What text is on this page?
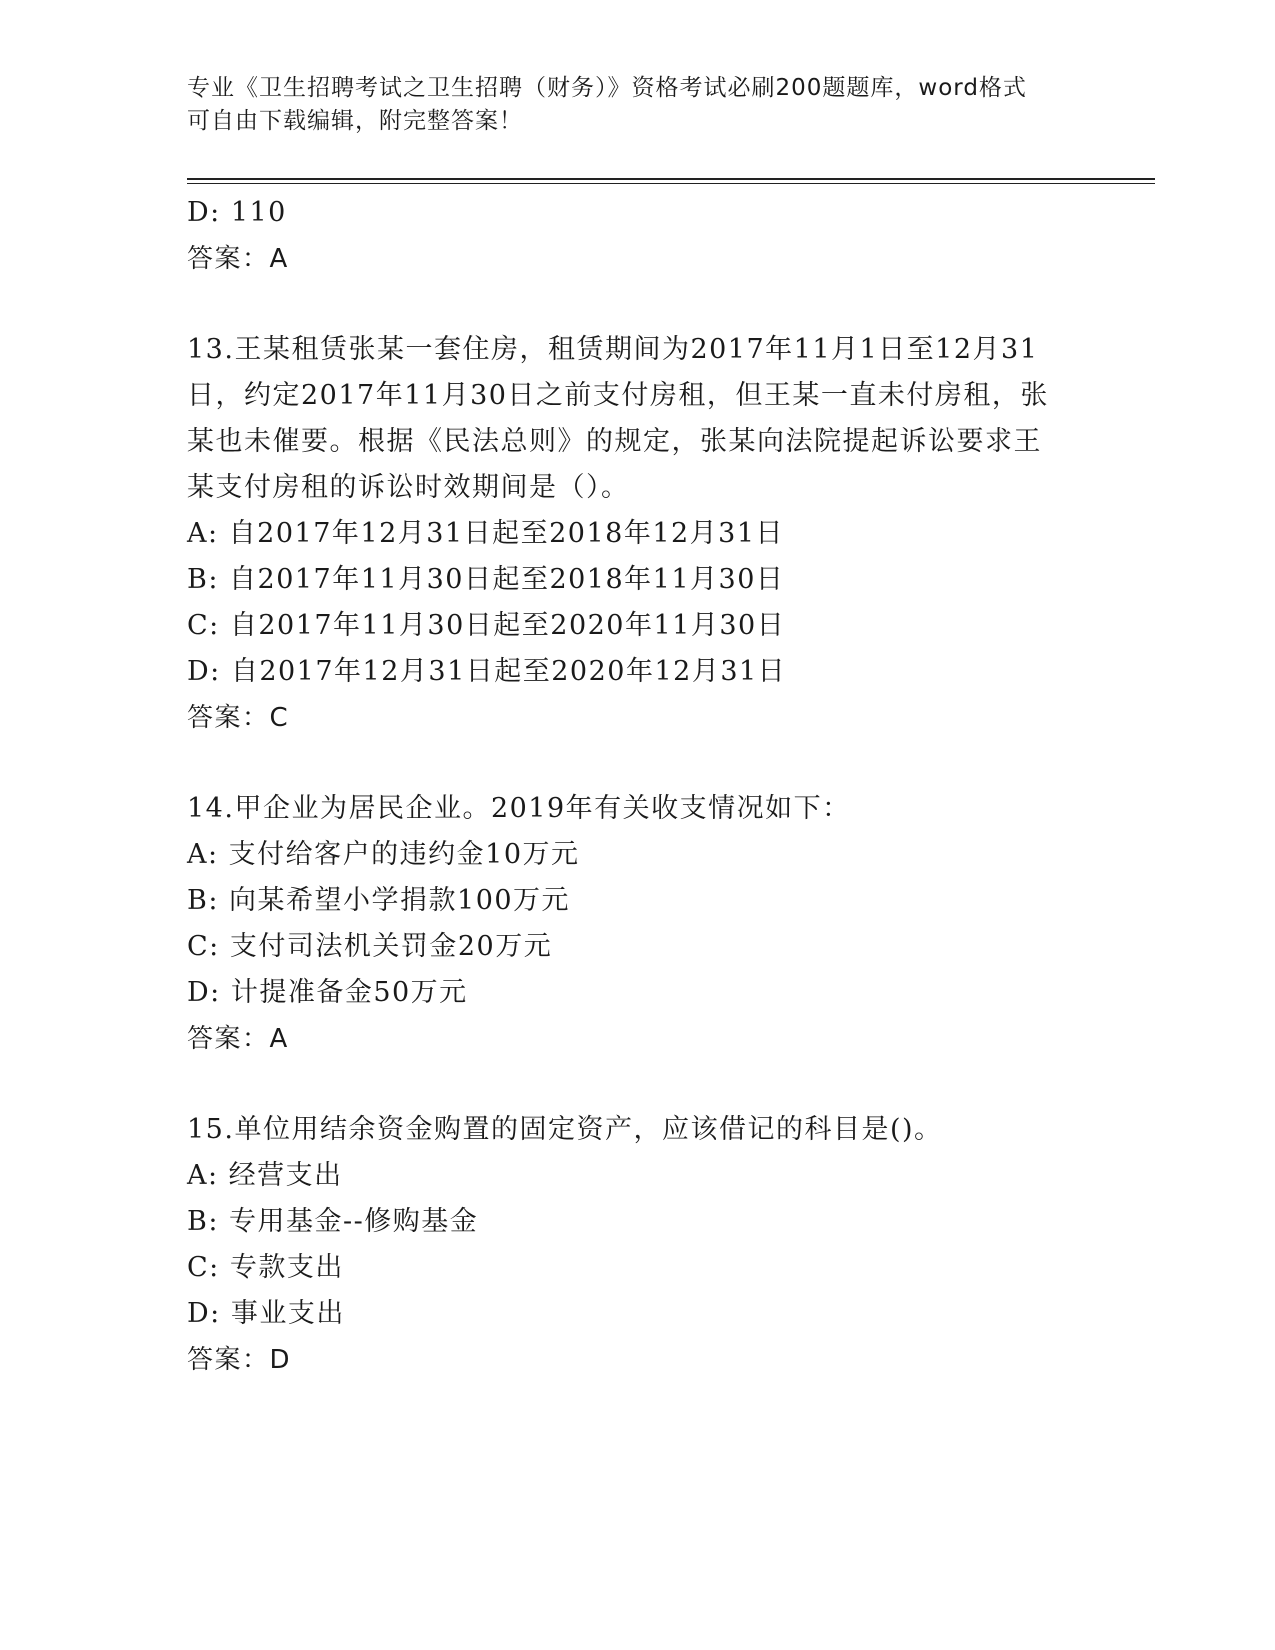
专业《卫生招聘考试之卫生招聘（财务）》资格考试必刷200题题库，word格式
可自由下载编辑，附完整答案！
D: 110
答案：A
13.王某租赁张某一套住房，租赁期间为2017年11月1日至12月31
日，约定2017年11月30日之前支付房租，但王某一直未付房租，张
某也未催要。根据《民法总则》的规定，张某向法院提起诉讼要求王
某支付房租的诉讼时效期间是（）。
A: 自2017年12月31日起至2018年12月31日
B: 自2017年11月30日起至2018年11月30日
C: 自2017年11月30日起至2020年11月30日
D: 自2017年12月31日起至2020年12月31日
答案：C
14.甲企业为居民企业。2019年有关收支情况如下：
A: 支付给客户的违约金10万元
B: 向某希望小学捐款100万元
C: 支付司法机关罚金20万元
D: 计提准备金50万元
答案：A
15.单位用结余资金购置的固定资产，应该借记的科目是()。
A: 经营支出
B: 专用基金--修购基金
C: 专款支出
D: 事业支出
答案：D
